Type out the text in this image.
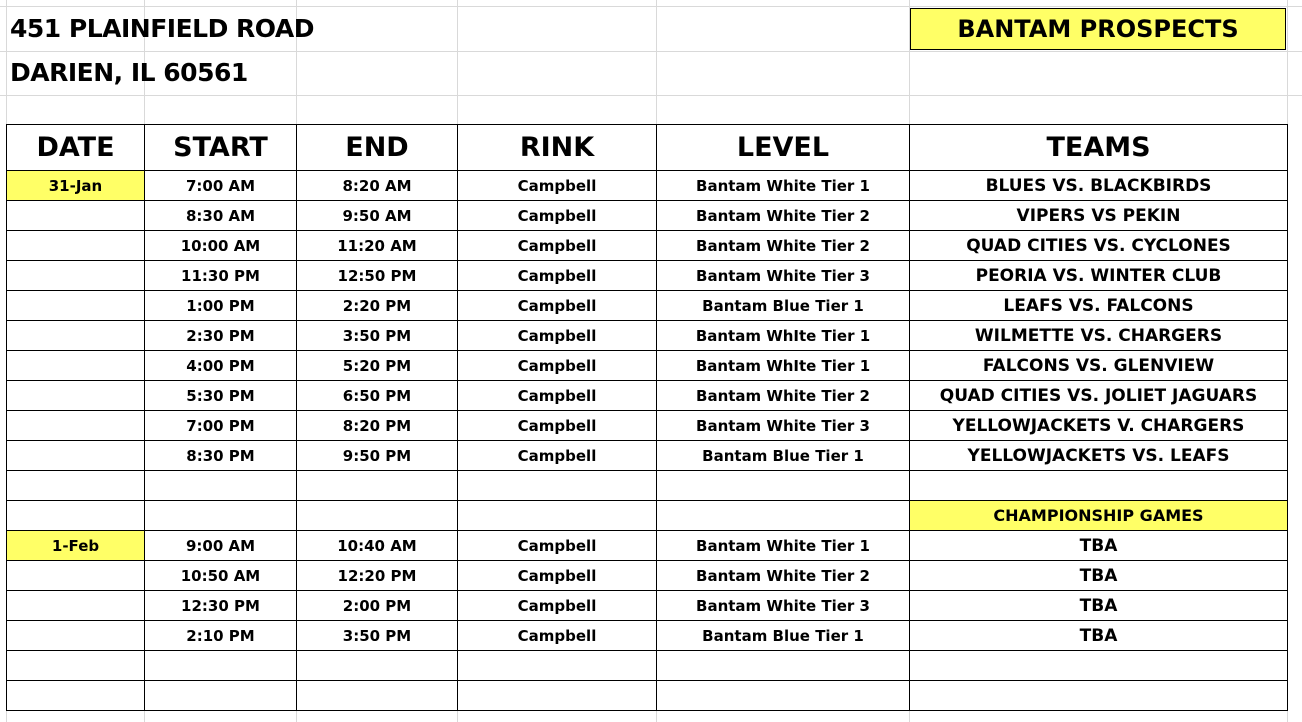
451 PLAINFIELD ROAD
DARIEN, IL 60561
BANTAM PROSPECTS
DATE	START	END	RINK	LEVEL	TEAMS
31-Jan	7:00 AM	8:20 AM	Campbell	Bantam White Tier 1	BLUES VS. BLACKBIRDS
	8:30 AM	9:50 AM	Campbell	Bantam White Tier 2	VIPERS VS PEKIN
	10:00 AM	11:20 AM	Campbell	Bantam White Tier 2	QUAD CITIES VS. CYCLONES
	11:30 PM	12:50 PM	Campbell	Bantam White Tier 3	PEORIA VS. WINTER CLUB
	1:00 PM	2:20 PM	Campbell	Bantam Blue Tier 1	LEAFS VS. FALCONS
	2:30 PM	3:50 PM	Campbell	Bantam WhIte Tier 1	WILMETTE VS. CHARGERS
	4:00 PM	5:20 PM	Campbell	Bantam WhIte Tier 1	FALCONS VS. GLENVIEW
	5:30 PM	6:50 PM	Campbell	Bantam White Tier 2	QUAD CITIES VS. JOLIET JAGUARS
	7:00 PM	8:20 PM	Campbell	Bantam White Tier 3	YELLOWJACKETS V. CHARGERS
	8:30 PM	9:50 PM	Campbell	Bantam Blue Tier 1	YELLOWJACKETS VS. LEAFS

					CHAMPIONSHIP GAMES
1-Feb	9:00 AM	10:40 AM	Campbell	Bantam White Tier 1	TBA
	10:50 AM	12:20 PM	Campbell	Bantam White Tier 2	TBA
	12:30 PM	2:00 PM	Campbell	Bantam White Tier 3	TBA
	2:10 PM	3:50 PM	Campbell	Bantam Blue Tier 1	TBA
